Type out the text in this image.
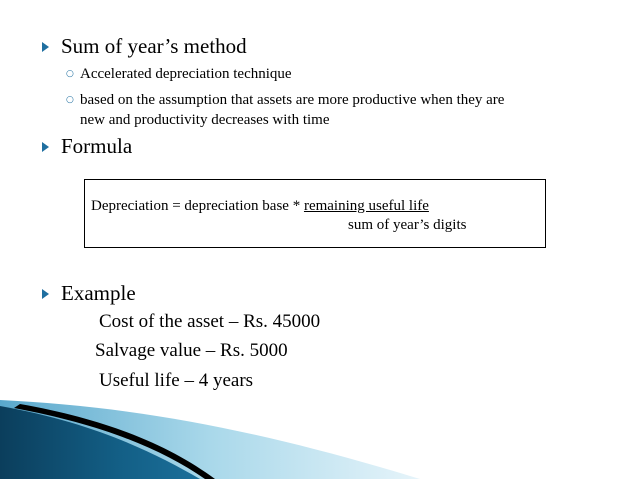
Sum of year’s method
○ Accelerated depreciation technique
○ based on the assumption that assets are more productive when they are
new and productivity decreases with time
Formula
Depreciation = depreciation base * remaining useful life
sum of year’s digits
Example
Cost of the asset – Rs. 45000
Salvage value – Rs. 5000
Useful life – 4 years
